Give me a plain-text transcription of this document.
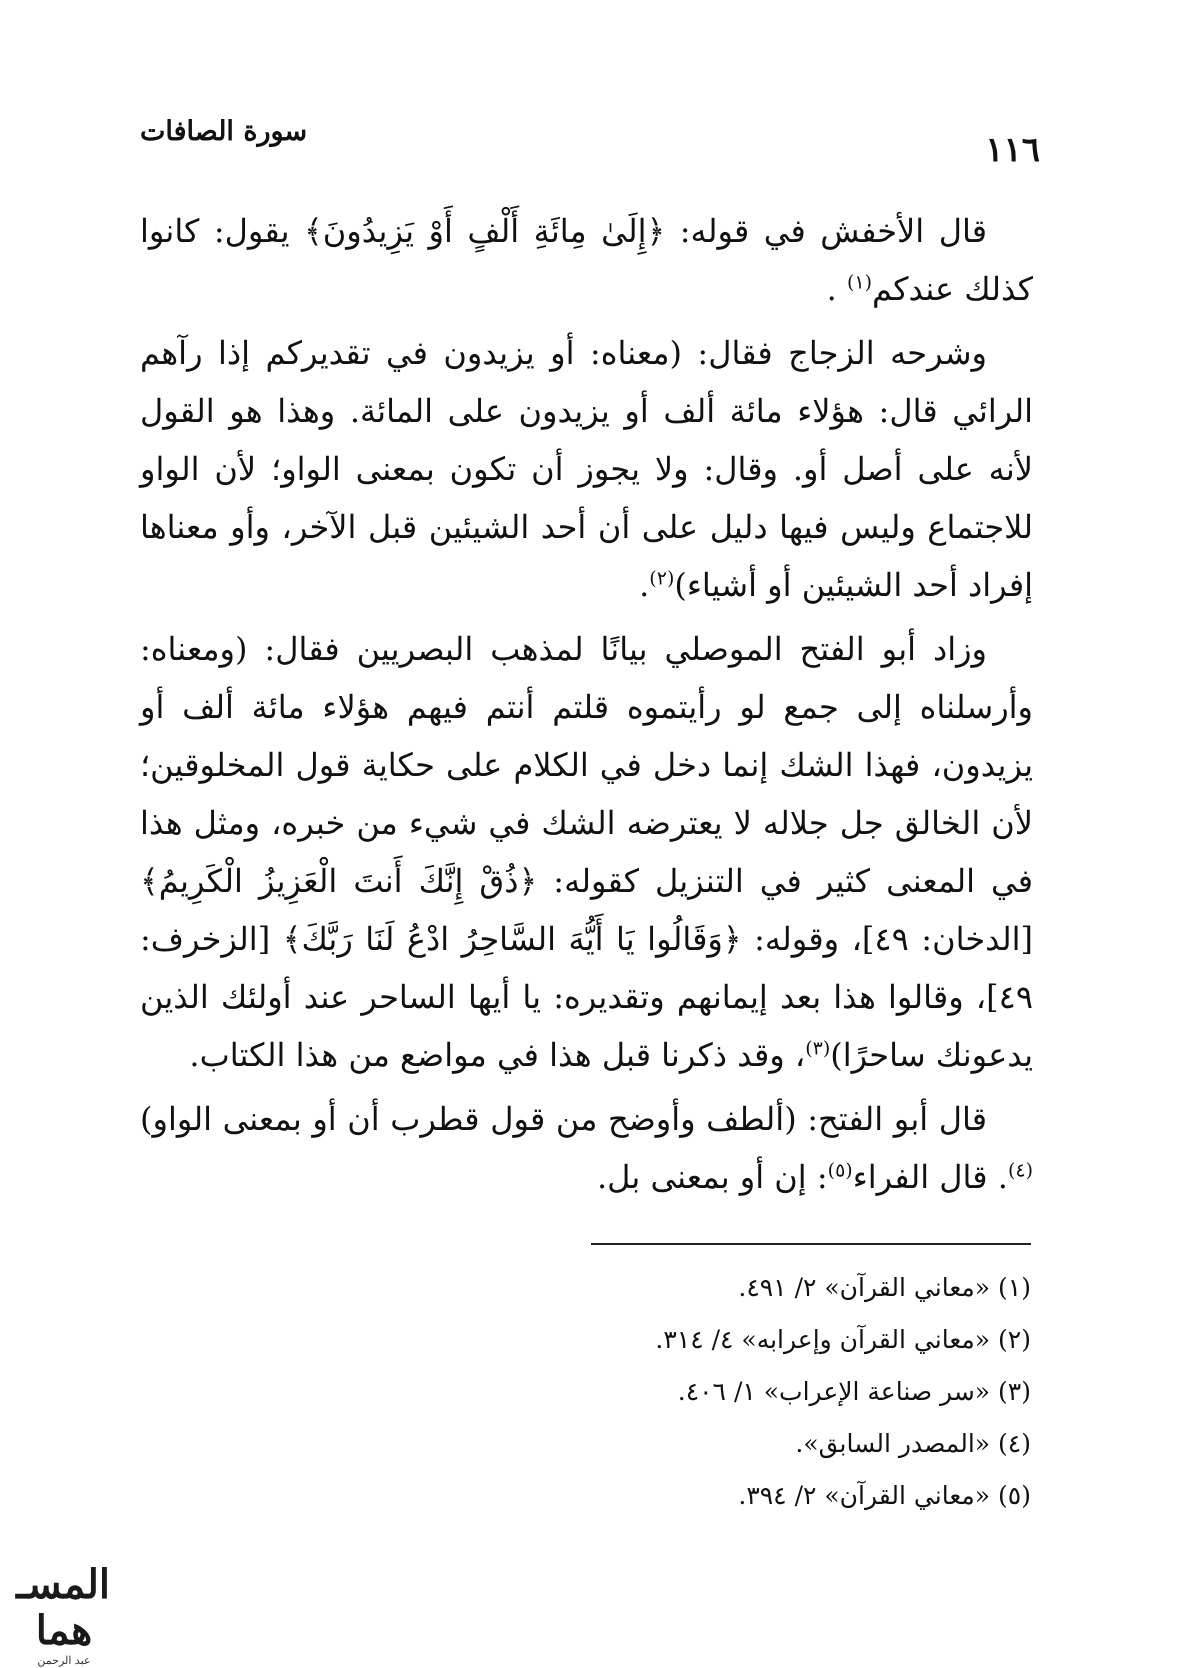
١١٦
سورة الصافات

قال الأخفش في قوله: ﴿إِلَىٰ مِائَةِ أَلْفٍ أَوْ يَزِيدُونَ﴾ يقول: كانوا كذلك عندكم$^{(١)}$ .

وشرحه الزجاج فقال: (معناه: أو يزيدون في تقديركم إذا رآهم الرائي قال: هؤلاء مائة ألف أو يزيدون على المائة. وهذا هو القول لأنه على أصل أو. وقال: ولا يجوز أن تكون بمعنى الواو؛ لأن الواو للاجتماع وليس فيها دليل على أن أحد الشيئين قبل الآخر، وأو معناها إفراد أحد الشيئين أو أشياء)$^{(٢)}$.

وزاد أبو الفتح الموصلي بيانًا لمذهب البصريين فقال: (ومعناه: وأرسلناه إلى جمع لو رأيتموه قلتم أنتم فيهم هؤلاء مائة ألف أو يزيدون، فهذا الشك إنما دخل في الكلام على حكاية قول المخلوقين؛ لأن الخالق جل جلاله لا يعترضه الشك في شيء من خبره، ومثل هذا في المعنى كثير في التنزيل كقوله: ﴿ذُقْ إِنَّكَ أَنتَ الْعَزِيزُ الْكَرِيمُ﴾ [الدخان: ٤٩]، وقوله: ﴿وَقَالُوا يَا أَيُّهَ السَّاحِرُ ادْعُ لَنَا رَبَّكَ﴾ [الزخرف: ٤٩]، وقالوا هذا بعد إيمانهم وتقديره: يا أيها الساحر عند أولئك الذين يدعونك ساحرًا)$^{(٣)}$، وقد ذكرنا قبل هذا في مواضع من هذا الكتاب.

قال أبو الفتح: (ألطف وأوضح من قول قطرب أن أو بمعنى الواو)$^{(٤)}$. قال الفراء$^{(٥)}$: إن أو بمعنى بل.

(١) «معاني القرآن» ٢/ ٤٩١.

(٢) «معاني القرآن وإعرابه» ٤/ ٣١٤.

(٣) «سر صناعة الإعراب» ١/ ٤٠٦.

(٤) «المصدر السابق».

(٥) «معاني القرآن» ٢/ ٣٩٤.

المسـ هما
عبد الرحمن
